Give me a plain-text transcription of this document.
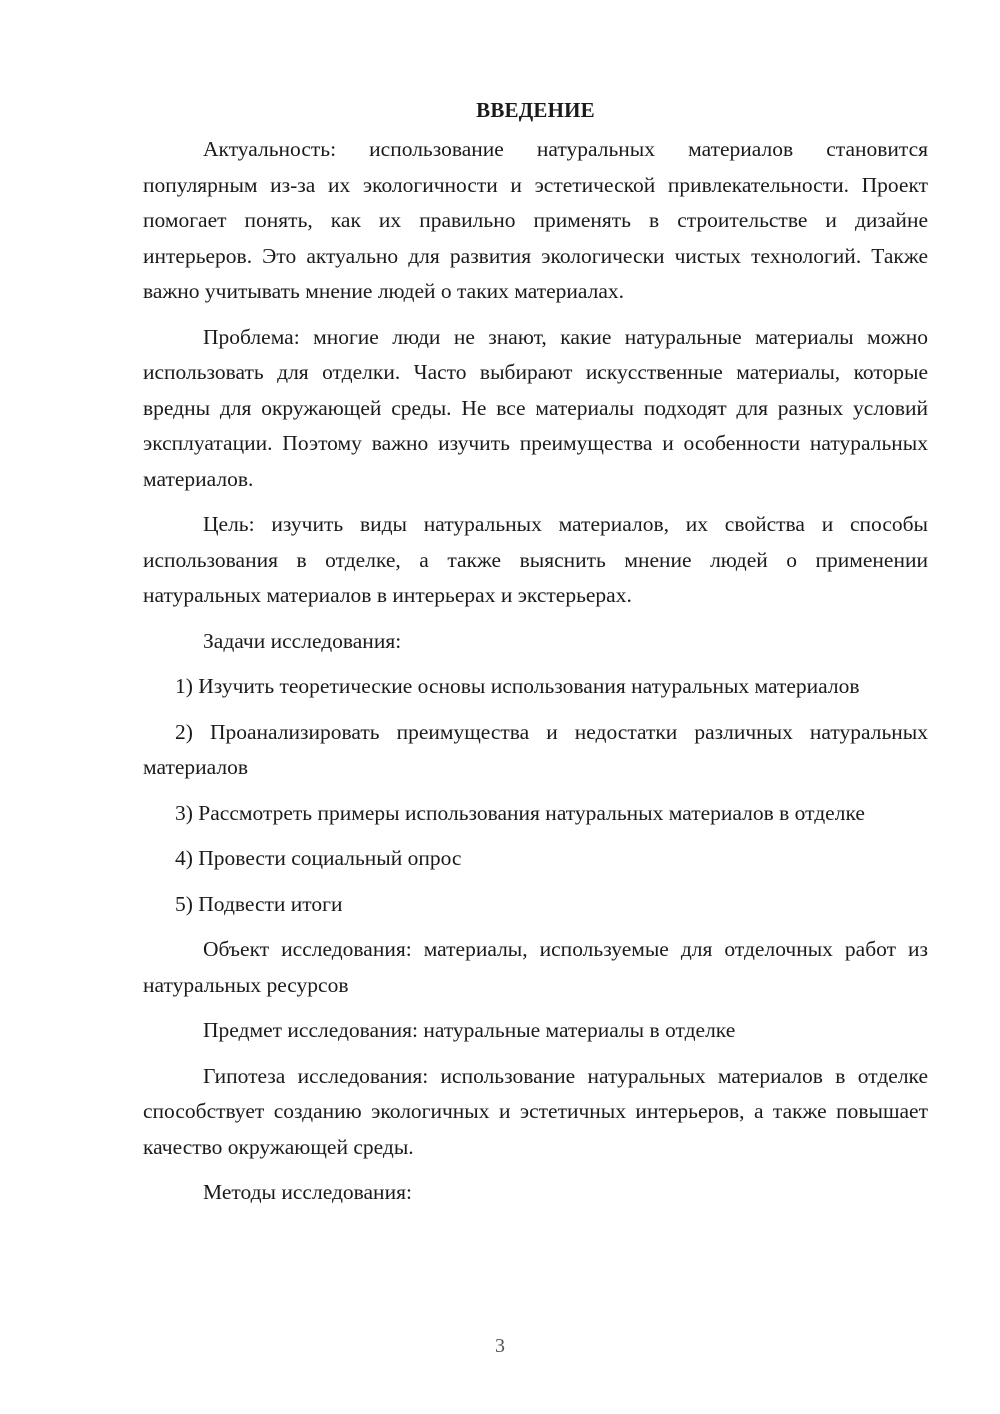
ВВЕДЕНИЕ

Актуальность: использование натуральных материалов становится популярным из-за их экологичности и эстетической привлекательности. Проект помогает понять, как их правильно применять в строительстве и дизайне интерьеров. Это актуально для развития экологически чистых технологий. Также важно учитывать мнение людей о таких материалах.

Проблема: многие люди не знают, какие натуральные материалы можно использовать для отделки. Часто выбирают искусственные материалы, которые вредны для окружающей среды. Не все материалы подходят для разных условий эксплуатации. Поэтому важно изучить преимущества и особенности натуральных материалов.

Цель: изучить виды натуральных материалов, их свойства и способы использования в отделке, а также выяснить мнение людей о применении натуральных материалов в интерьерах и экстерьерах.

Задачи исследования:

1) Изучить теоретические основы использования натуральных материалов

2) Проанализировать преимущества и недостатки различных натуральных материалов

3) Рассмотреть примеры использования натуральных материалов в отделке

4) Провести социальный опрос

5) Подвести итоги

Объект исследования: материалы, используемые для отделочных работ из натуральных ресурсов

Предмет исследования: натуральные материалы в отделке

Гипотеза исследования: использование натуральных материалов в отделке способствует созданию экологичных и эстетичных интерьеров, а также повышает качество окружающей среды.

Методы исследования:

3
